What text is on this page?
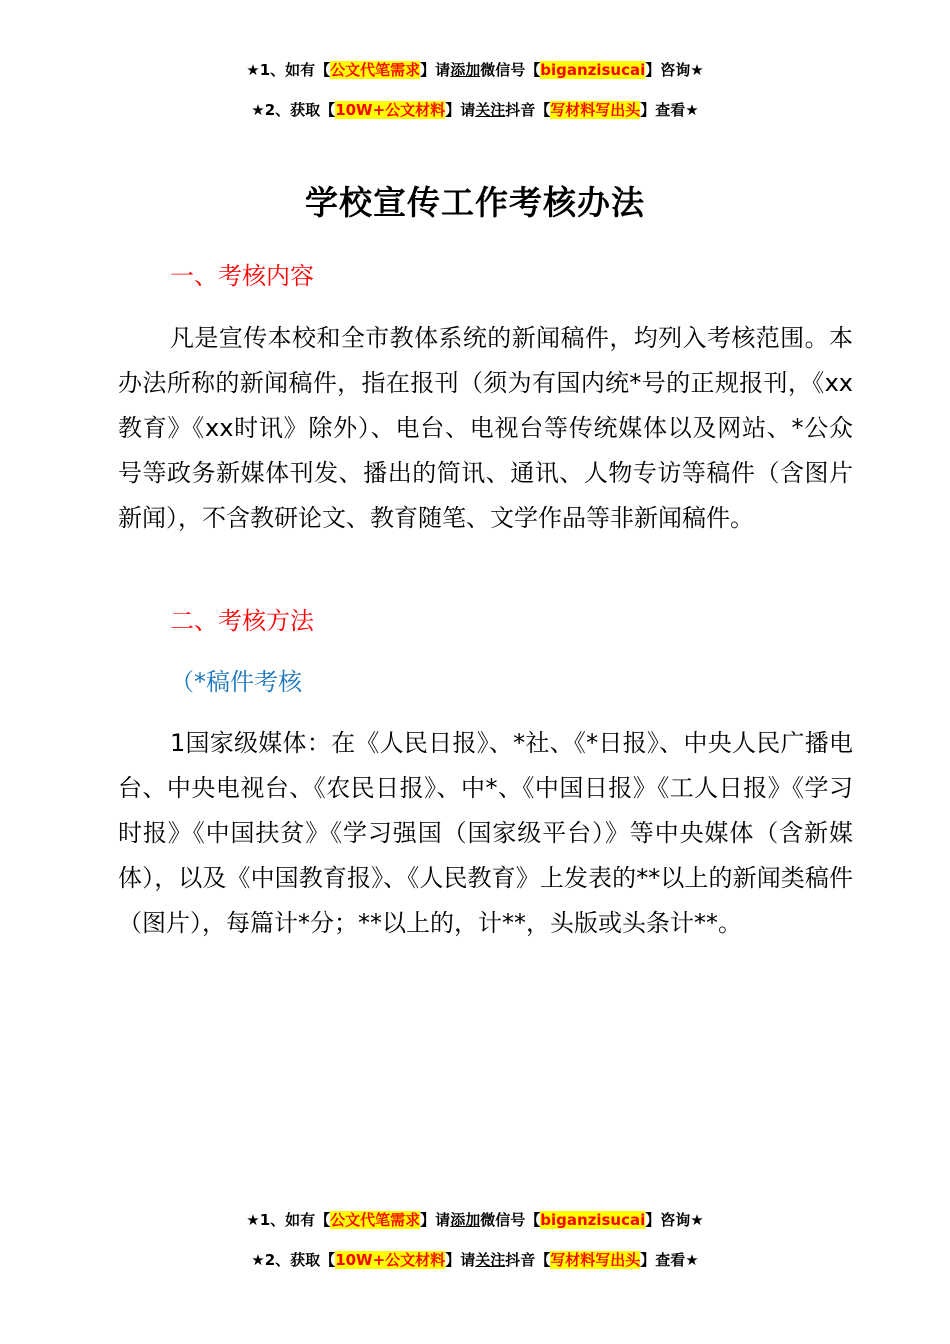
★1、如有【公文代笔需求】请添加微信号【biganzisucai】咨询★
★2、获取【10W+公文材料】请关注抖音【写材料写出头】查看★
学校宣传工作考核办法
一、考核内容

凡是宣传本校和全市教体系统的新闻稿件，均列入考核范围。本办法所称的新闻稿件，指在报刊（须为有国内统*号的正规报刊，《xx教育》《xx时讯》除外）、电台、电视台等传统媒体以及网站、*公众号等政务新媒体刊发、播出的简讯、通讯、人物专访等稿件（含图片新闻），不含教研论文、教育随笔、文学作品等非新闻稿件。

二、考核方法
（*稿件考核

1国家级媒体：在《人民日报》、*社、《*日报》、中央人民广播电台、中央电视台、《农民日报》、中*、《中国日报》《工人日报》《学习时报》《中国扶贫》《学习强国（国家级平台）》等中央媒体（含新媒体），以及《中国教育报》、《人民教育》上发表的**以上的新闻类稿件（图片），每篇计*分；**以上的，计**，头版或头条计**。

★1、如有【公文代笔需求】请添加微信号【biganzisucai】咨询★
★2、获取【10W+公文材料】请关注抖音【写材料写出头】查看★
